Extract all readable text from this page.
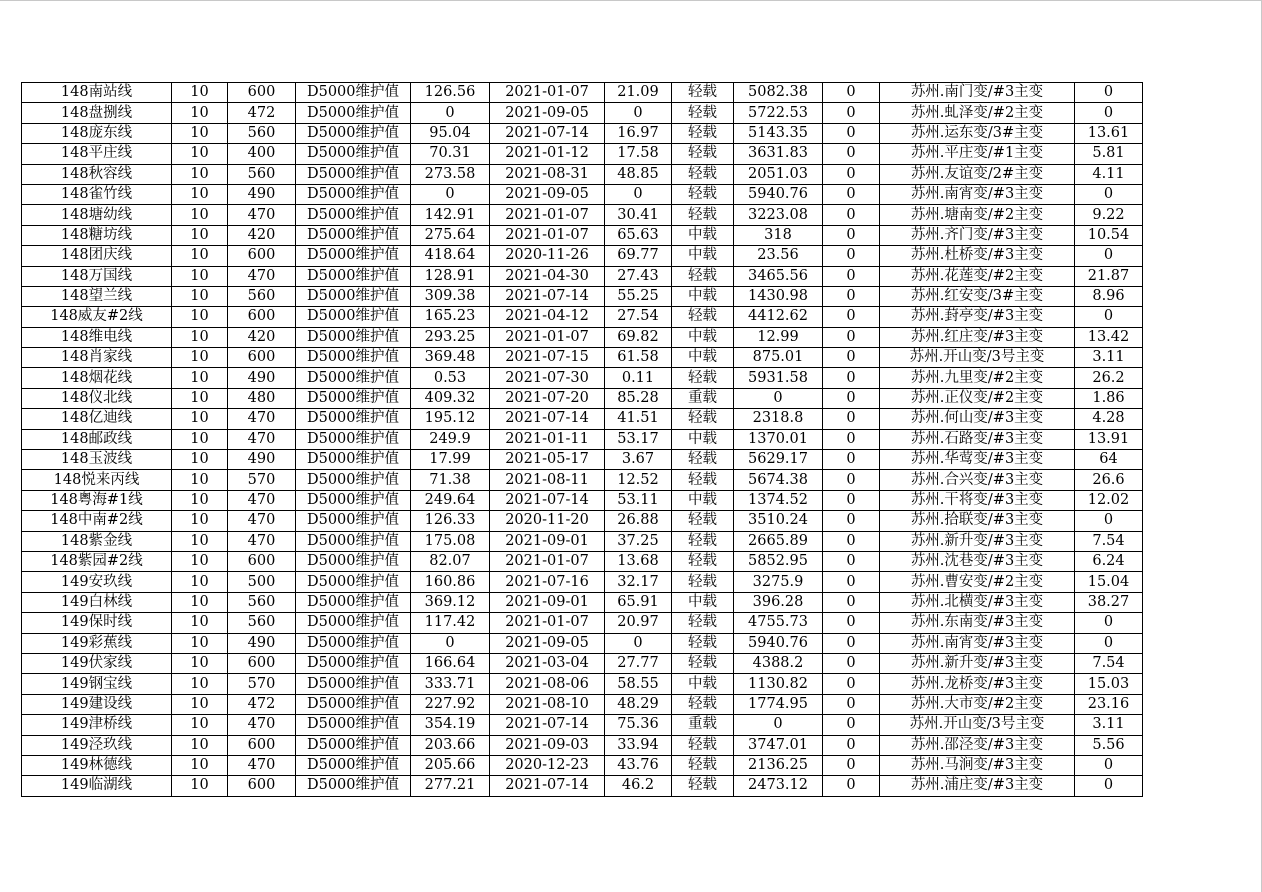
148南站线	10	600	D5000维护值	126.56	2021-01-07	21.09	轻载	5082.38	0	苏州.南门变/#3主变	0
148盘捌线	10	472	D5000维护值	0	2021-09-05	0	轻载	5722.53	0	苏州.虬泽变/#2主变	0
148庞东线	10	560	D5000维护值	95.04	2021-07-14	16.97	轻载	5143.35	0	苏州.运东变/3#主变	13.61
148平庄线	10	400	D5000维护值	70.31	2021-01-12	17.58	轻载	3631.83	0	苏州.平庄变/#1主变	5.81
148秋容线	10	560	D5000维护值	273.58	2021-08-31	48.85	轻载	2051.03	0	苏州.友谊变/2#主变	4.11
148雀竹线	10	490	D5000维护值	0	2021-09-05	0	轻载	5940.76	0	苏州.南宵变/#3主变	0
148塘幼线	10	470	D5000维护值	142.91	2021-01-07	30.41	轻载	3223.08	0	苏州.塘南变/#2主变	9.22
148糖坊线	10	420	D5000维护值	275.64	2021-01-07	65.63	中载	318	0	苏州.齐门变/#3主变	10.54
148团庆线	10	600	D5000维护值	418.64	2020-11-26	69.77	中载	23.56	0	苏州.杜桥变/#3主变	0
148万国线	10	470	D5000维护值	128.91	2021-04-30	27.43	轻载	3465.56	0	苏州.花莲变/#2主变	21.87
148望兰线	10	560	D5000维护值	309.38	2021-07-14	55.25	中载	1430.98	0	苏州.红安变/3#主变	8.96
148威友#2线	10	600	D5000维护值	165.23	2021-04-12	27.54	轻载	4412.62	0	苏州.葑亭变/#3主变	0
148维电线	10	420	D5000维护值	293.25	2021-01-07	69.82	中载	12.99	0	苏州.红庄变/#3主变	13.42
148肖家线	10	600	D5000维护值	369.48	2021-07-15	61.58	中载	875.01	0	苏州.开山变/3号主变	3.11
148烟花线	10	490	D5000维护值	0.53	2021-07-30	0.11	轻载	5931.58	0	苏州.九里变/#2主变	26.2
148仪北线	10	480	D5000维护值	409.32	2021-07-20	85.28	重载	0	0	苏州.正仪变/#2主变	1.86
148亿迪线	10	470	D5000维护值	195.12	2021-07-14	41.51	轻载	2318.8	0	苏州.何山变/#3主变	4.28
148邮政线	10	470	D5000维护值	249.9	2021-01-11	53.17	中载	1370.01	0	苏州.石路变/#3主变	13.91
148玉波线	10	490	D5000维护值	17.99	2021-05-17	3.67	轻载	5629.17	0	苏州.华莺变/#3主变	64
148悦来丙线	10	570	D5000维护值	71.38	2021-08-11	12.52	轻载	5674.38	0	苏州.合兴变/#3主变	26.6
148粤海#1线	10	470	D5000维护值	249.64	2021-07-14	53.11	中载	1374.52	0	苏州.干将变/#3主变	12.02
148中南#2线	10	470	D5000维护值	126.33	2020-11-20	26.88	轻载	3510.24	0	苏州.拾联变/#3主变	0
148紫金线	10	470	D5000维护值	175.08	2021-09-01	37.25	轻载	2665.89	0	苏州.新升变/#3主变	7.54
148紫园#2线	10	600	D5000维护值	82.07	2021-01-07	13.68	轻载	5852.95	0	苏州.沈巷变/#3主变	6.24
149安玖线	10	500	D5000维护值	160.86	2021-07-16	32.17	轻载	3275.9	0	苏州.曹安变/#2主变	15.04
149白林线	10	560	D5000维护值	369.12	2021-09-01	65.91	中载	396.28	0	苏州.北横变/#3主变	38.27
149保时线	10	560	D5000维护值	117.42	2021-01-07	20.97	轻载	4755.73	0	苏州.东南变/#3主变	0
149彩蕉线	10	490	D5000维护值	0	2021-09-05	0	轻载	5940.76	0	苏州.南宵变/#3主变	0
149伏家线	10	600	D5000维护值	166.64	2021-03-04	27.77	轻载	4388.2	0	苏州.新升变/#3主变	7.54
149钢宝线	10	570	D5000维护值	333.71	2021-08-06	58.55	中载	1130.82	0	苏州.龙桥变/#3主变	15.03
149建设线	10	472	D5000维护值	227.92	2021-08-10	48.29	轻载	1774.95	0	苏州.大市变/#2主变	23.16
149津桥线	10	470	D5000维护值	354.19	2021-07-14	75.36	重载	0	0	苏州.开山变/3号主变	3.11
149泾玖线	10	600	D5000维护值	203.66	2021-09-03	33.94	轻载	3747.01	0	苏州.邵泾变/#3主变	5.56
149林德线	10	470	D5000维护值	205.66	2020-12-23	43.76	轻载	2136.25	0	苏州.马涧变/#3主变	0
149临湖线	10	600	D5000维护值	277.21	2021-07-14	46.2	轻载	2473.12	0	苏州.浦庄变/#3主变	0
